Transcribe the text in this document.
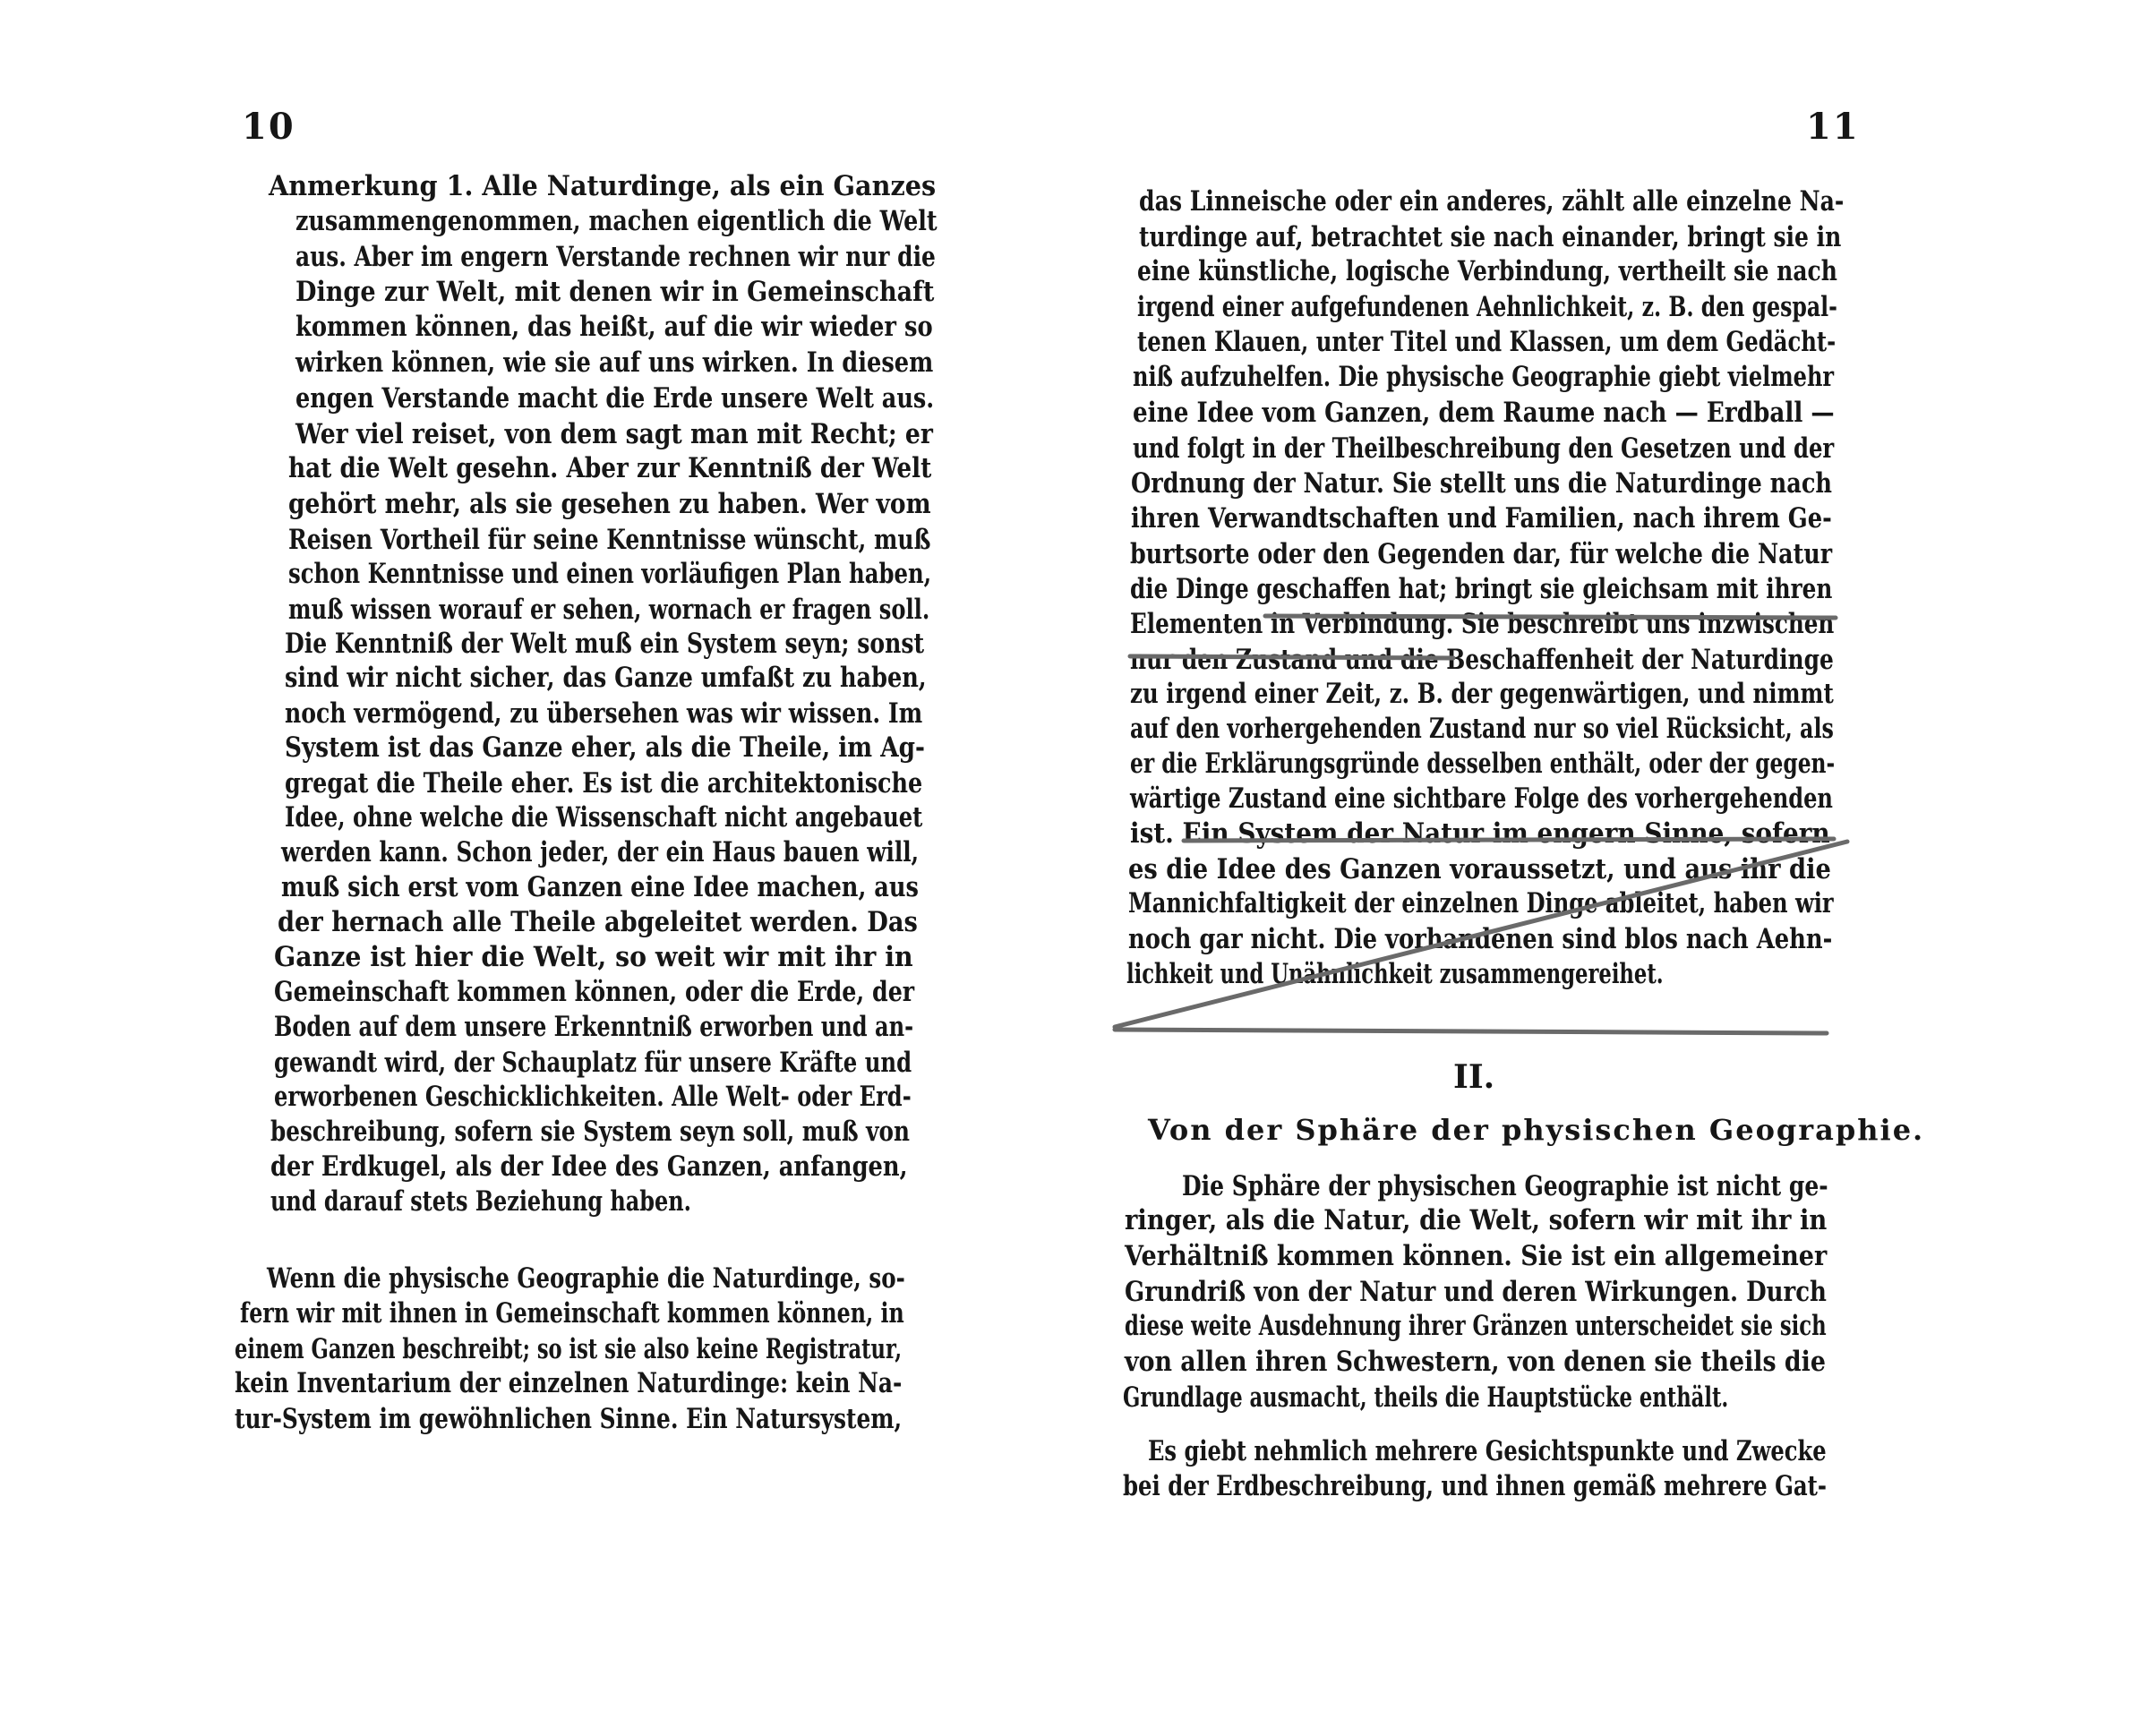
10
Anmerkung 1. Alle Naturdinge, als ein Ganzes
zusammengenommen, machen eigentlich die Welt
aus. Aber im engern Verstande rechnen wir nur die
Dinge zur Welt, mit denen wir in Gemeinschaft
kommen können, das heißt, auf die wir wieder so
wirken können, wie sie auf uns wirken. In diesem
engen Verstande macht die Erde unsere Welt aus.
Wer viel reiset, von dem sagt man mit Recht; er
hat die Welt gesehn. Aber zur Kenntniß der Welt
gehört mehr, als sie gesehen zu haben. Wer vom
Reisen Vortheil für seine Kenntnisse wünscht, muß
schon Kenntnisse und einen vorläufigen Plan haben,
muß wissen worauf er sehen, wornach er fragen soll.
Die Kenntniß der Welt muß ein System seyn; sonst
sind wir nicht sicher, das Ganze umfaßt zu haben,
noch vermögend, zu übersehen was wir wissen. Im
System ist das Ganze eher, als die Theile, im Ag-
gregat die Theile eher. Es ist die architektonische
Idee, ohne welche die Wissenschaft nicht angebauet
werden kann. Schon jeder, der ein Haus bauen will,
muß sich erst vom Ganzen eine Idee machen, aus
der hernach alle Theile abgeleitet werden. Das
Ganze ist hier die Welt, so weit wir mit ihr in
Gemeinschaft kommen können, oder die Erde, der
Boden auf dem unsere Erkenntniß erworben und an-
gewandt wird, der Schauplatz für unsere Kräfte und
erworbenen Geschicklichkeiten. Alle Welt- oder Erd-
beschreibung, sofern sie System seyn soll, muß von
der Erdkugel, als der Idee des Ganzen, anfangen,
und darauf stets Beziehung haben.
Wenn die physische Geographie die Naturdinge, so-
fern wir mit ihnen in Gemeinschaft kommen können, in
einem Ganzen beschreibt; so ist sie also keine Registratur,
kein Inventarium der einzelnen Naturdinge: kein Na-
tur-System im gewöhnlichen Sinne. Ein Natursystem,
11
das Linneische oder ein anderes, zählt alle einzelne Na-
turdinge auf, betrachtet sie nach einander, bringt sie in
eine künstliche, logische Verbindung, vertheilt sie nach
irgend einer aufgefundenen Aehnlichkeit, z. B. den gespal-
tenen Klauen, unter Titel und Klassen, um dem Gedächt-
niß aufzuhelfen. Die physische Geographie giebt vielmehr
eine Idee vom Ganzen, dem Raume nach — Erdball —
und folgt in der Theilbeschreibung den Gesetzen und der
Ordnung der Natur. Sie stellt uns die Naturdinge nach
ihren Verwandtschaften und Familien, nach ihrem Ge-
burtsorte oder den Gegenden dar, für welche die Natur
die Dinge geschaffen hat; bringt sie gleichsam mit ihren
Elementen in Verbindung. Sie beschreibt uns inzwischen
nur den Zustand und die Beschaffenheit der Naturdinge
zu irgend einer Zeit, z. B. der gegenwärtigen, und nimmt
auf den vorhergehenden Zustand nur so viel Rücksicht, als
er die Erklärungsgründe desselben enthält, oder der gegen-
wärtige Zustand eine sichtbare Folge des vorhergehenden
ist. Ein System der Natur im engern Sinne, sofern
es die Idee des Ganzen voraussetzt, und aus ihr die
Mannichfaltigkeit der einzelnen Dinge ableitet, haben wir
noch gar nicht. Die vorhandenen sind blos nach Aehn-
lichkeit und Unähnlichkeit zusammengereihet.
Die Sphäre der physischen Geographie ist nicht ge-
ringer, als die Natur, die Welt, sofern wir mit ihr in
Verhältniß kommen können. Sie ist ein allgemeiner
Grundriß von der Natur und deren Wirkungen. Durch
diese weite Ausdehnung ihrer Gränzen unterscheidet sie sich
von allen ihren Schwestern, von denen sie theils die
Grundlage ausmacht, theils die Hauptstücke enthält.
Es giebt nehmlich mehrere Gesichtspunkte und Zwecke
bei der Erdbeschreibung, und ihnen gemäß mehrere Gat-
II.
Von der Sphäre der physischen Geographie.
